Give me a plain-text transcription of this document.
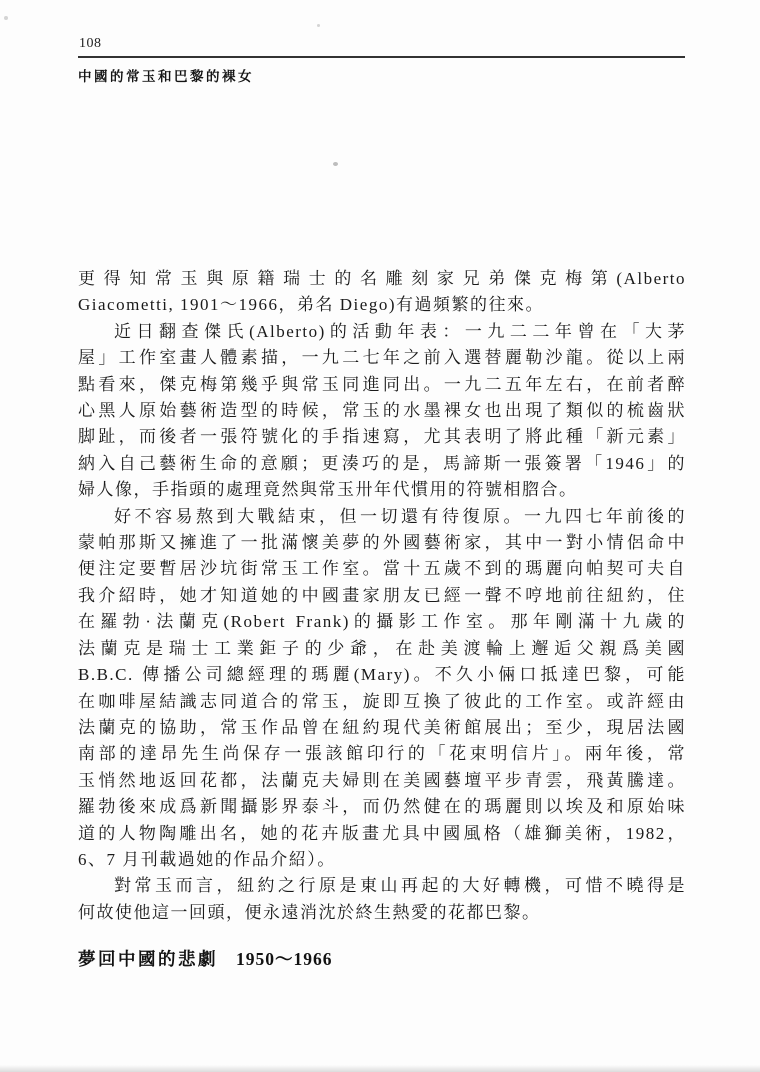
108
中國的常玉和巴黎的裸女
更得知常玉與原籍瑞士的名雕刻家兄弟傑克梅第(Alberto
Giacometti, 1901～1966，弟名 Diego)有過頻繁的往來。
近日翻查傑氏(Alberto)的活動年表：一九二二年曾在「大茅
屋」工作室畫人體素描，一九二七年之前入選替麗勒沙龍。從以上兩
點看來，傑克梅第幾乎與常玉同進同出。一九二五年左右，在前者醉
心黑人原始藝術造型的時候，常玉的水墨裸女也出現了類似的梳齒狀
脚趾，而後者一張符號化的手指速寫，尤其表明了將此種「新元素」
納入自己藝術生命的意願；更湊巧的是，馬諦斯一張簽署「1946」的
婦人像，手指頭的處理竟然與常玉卅年代慣用的符號相脗合。
好不容易熬到大戰結束，但一切還有待復原。一九四七年前後的
蒙帕那斯又擁進了一批滿懷美夢的外國藝術家，其中一對小情侶命中
便注定要暫居沙坑街常玉工作室。當十五歲不到的瑪麗向帕契可夫自
我介紹時，她才知道她的中國畫家朋友已經一聲不哼地前往紐約，住
在羅勃·法蘭克(Robert Frank)的攝影工作室。那年剛滿十九歲的
法蘭克是瑞士工業鉅子的少爺，在赴美渡輪上邂逅父親爲美國
B.B.C. 傳播公司總經理的瑪麗(Mary)。不久小倆口抵達巴黎，可能
在咖啡屋結識志同道合的常玉，旋即互換了彼此的工作室。或許經由
法蘭克的協助，常玉作品曾在紐約現代美術館展出；至少，現居法國
南部的達昂先生尚保存一張該館印行的「花束明信片」。兩年後，常
玉悄然地返回花都，法蘭克夫婦則在美國藝壇平步青雲，飛黃騰達。
羅勃後來成爲新聞攝影界泰斗，而仍然健在的瑪麗則以埃及和原始味
道的人物陶雕出名，她的花卉版畫尤具中國風格（雄獅美術，1982，
6、7 月刊載過她的作品介紹）。
對常玉而言，紐約之行原是東山再起的大好轉機，可惜不曉得是
何故使他這一回頭，便永遠消沈於終生熱愛的花都巴黎。
夢回中國的悲劇 1950～1966
